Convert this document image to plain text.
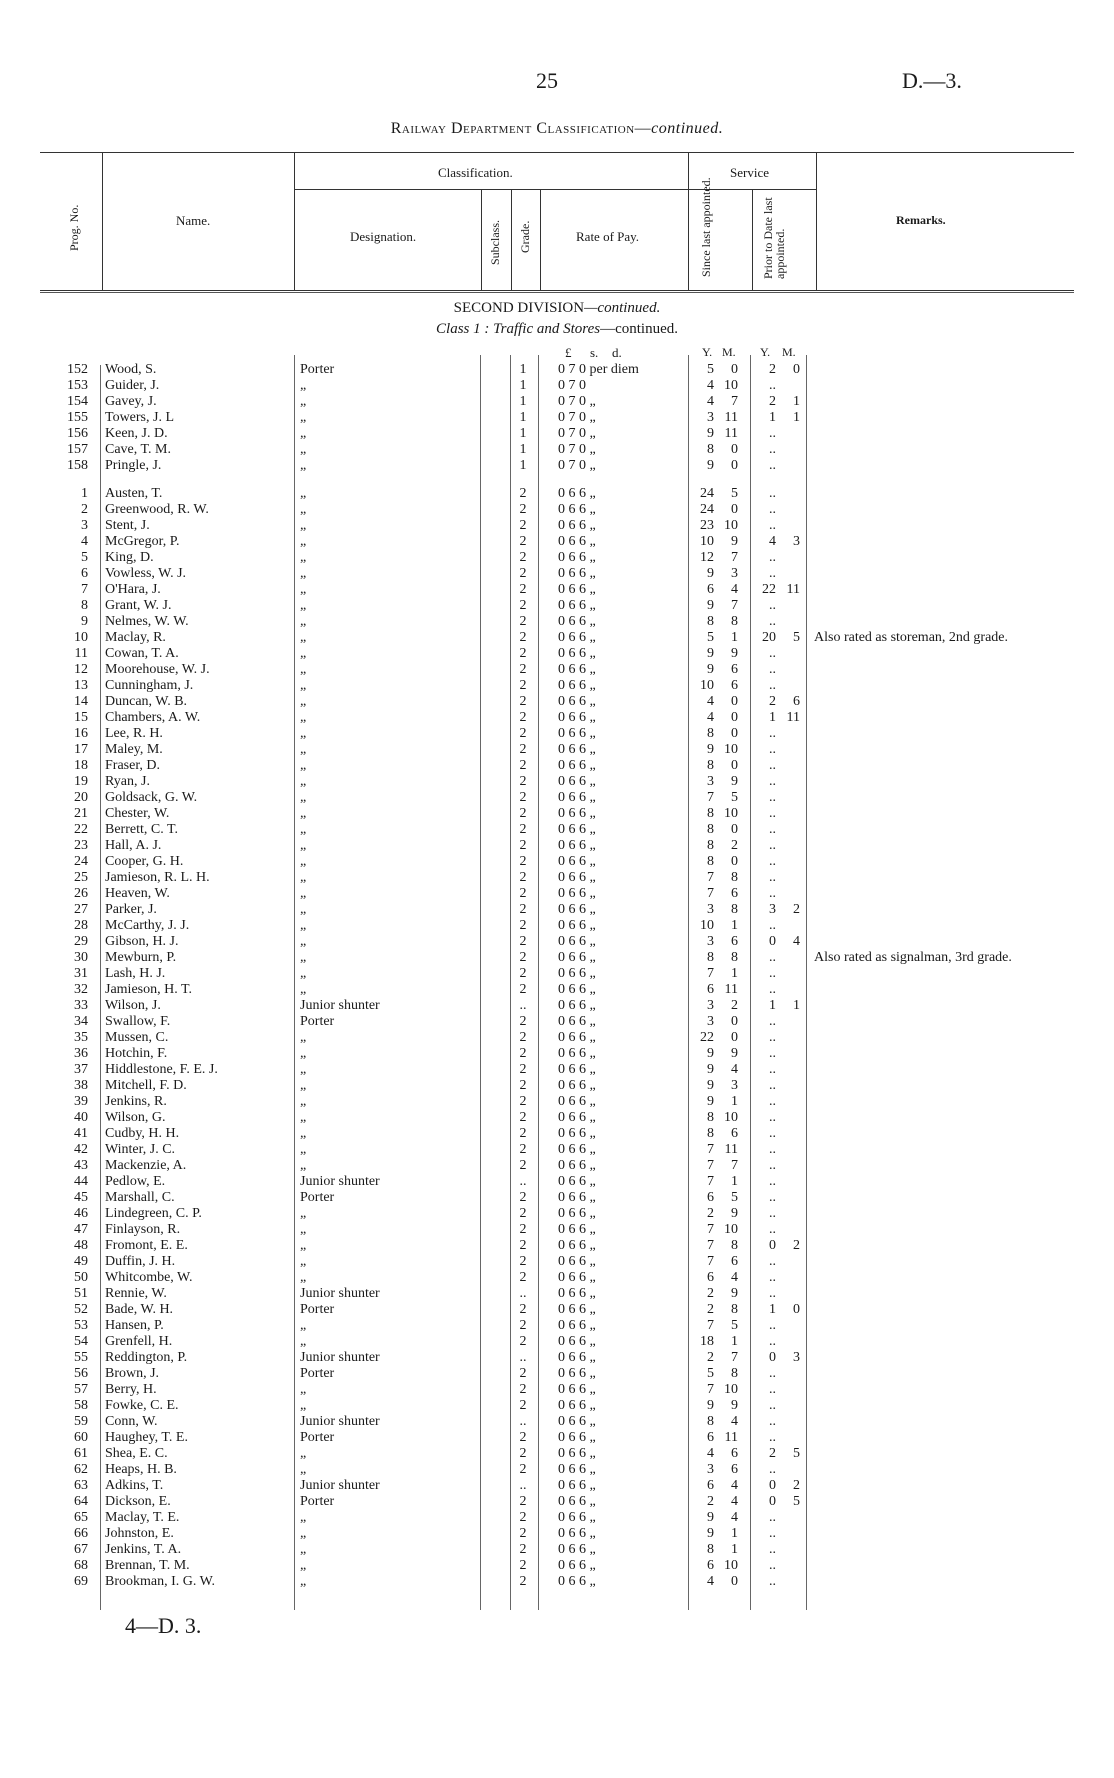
25	D.—3.
Railway Department Classification—continued.
Prog. No.	Name.
Classification.
Designation.	Subclass. Grade.	Rate of Pay.
Service
Since last appointed.	Prior to Date last appointed.
Remarks.
SECOND DIVISION—continued.
Class 1 : Traffic and Stores—continued.
£ s. d.	Y. M. Y. M.
152 Wood, S.	Porter	1	0 7 0 per diem	5	0	2	0
153 Guider, J.	„	1	0 7 0	4 10	..
154 Gavey, J.	„	1	0 7 0 „	4	7	2	1
155 Towers, J. L	„	1	0 7 0 „	3 11	1	1
156 Keen, J. D.	„	1	0 7 0 „	9 11	..
157 Cave, T. M.	„	1	0 7 0 „	8	0	..
158 Pringle, J.	„	1	0 7 0 „	9	0	..
1 Austen, T.	„	2	0 6 6 „	24	5	..
2 Greenwood, R. W.	„	2	0 6 6 „	24	0	..
3 Stent, J.	„	2	0 6 6 „	23 10	..
4 McGregor, P.	„	2	0 6 6 „	10	9	4	3
5 King, D.	„	2	0 6 6 „	12	7	..
6 Vowless, W. J.	„	2	0 6 6 „	9	3	..
7 O'Hara, J.	„	2	0 6 6 „	6	4	22 11
8 Grant, W. J.	„	2	0 6 6 „	9	7	..
9 Nelmes, W. W.	„	2	0 6 6 „	8	8	..
10 Maclay, R.	„	2	0 6 6 „	5	1	20	5 Also rated as storeman, 2nd grade.
11 Cowan, T. A.	„	2	0 6 6 „	9	9	..
12 Moorehouse, W. J.	„	2	0 6 6 „	9	6	..
13 Cunningham, J.	„	2	0 6 6 „	10	6	..
14 Duncan, W. B.	„	2	0 6 6 „	4	0	2	6
15 Chambers, A. W.	„	2	0 6 6 „	4	0	1 11
16 Lee, R. H.	„	2	0 6 6 „	8	0	..
17 Maley, M.	„	2	0 6 6 „	9 10	..
18 Fraser, D.	„	2	0 6 6 „	8	0	..
19 Ryan, J.	„	2	0 6 6 „	3	9	..
20 Goldsack, G. W.	„	2	0 6 6 „	7	5	..
21 Chester, W.	„	2	0 6 6 „	8 10	..
22 Berrett, C. T.	„	2	0 6 6 „	8	0	..
23 Hall, A. J.	„	2	0 6 6 „	8	2	..
24 Cooper, G. H.	„	2	0 6 6 „	8	0	..
25 Jamieson, R. L. H.	„	2	0 6 6 „	7	8	..
26 Heaven, W.	„	2	0 6 6 „	7	6	..
27 Parker, J.	„	2	0 6 6 „	3	8	3	2
28 McCarthy, J. J.	„	2	0 6 6 „	10	1	..
29 Gibson, H. J.	„	2	0 6 6 „	3	6	0	4
30 Mewburn, P.	„	2	0 6 6 „	8	8	..	Also rated as signalman, 3rd grade.
31 Lash, H. J.	„	2	0 6 6 „	7	1	..
32 Jamieson, H. T.	„	2	0 6 6 „	6 11	..
33 Wilson, J.	Junior shunter	..	0 6 6 „	3	2	1	1
34 Swallow, F.	Porter	2	0 6 6 „	3	0	..
35 Mussen, C.	„	2	0 6 6 „	22	0	..
36 Hotchin, F.	„	2	0 6 6 „	9	9	..
37 Hiddlestone, F. E. J.	„	2	0 6 6 „	9	4	..
38 Mitchell, F. D.	„	2	0 6 6 „	9	3	..
39 Jenkins, R.	„	2	0 6 6 „	9	1	..
40 Wilson, G.	„	2	0 6 6 „	8 10	..
41 Cudby, H. H.	„	2	0 6 6 „	8	6	..
42 Winter, J. C.	„	2	0 6 6 „	7 11	..
43 Mackenzie, A.	„	2	0 6 6 „	7	7	..
44 Pedlow, E.	Junior shunter	..	0 6 6 „	7	1	..
45 Marshall, C.	Porter	2	0 6 6 „	6	5	..
46 Lindegreen, C. P.	„	2	0 6 6 „	2	9	..
47 Finlayson, R.	„	2	0 6 6 „	7 10	..
48 Fromont, E. E.	„	2	0 6 6 „	7	8	0	2
49 Duffin, J. H.	„	2	0 6 6 „	7	6	..
50 Whitcombe, W.	„	2	0 6 6 „	6	4	..
51 Rennie, W.	Junior shunter	..	0 6 6 „	2	9	..
52 Bade, W. H.	Porter	2	0 6 6 „	2	8	1	0
53 Hansen, P.	„	2	0 6 6 „	7	5	..
54 Grenfell, H.	„	2	0 6 6 „	18	1	..
55 Reddington, P.	Junior shunter	..	0 6 6 „	2	7	0	3
56 Brown, J.	Porter	2	0 6 6 „	5	8	..
57 Berry, H.	„	2	0 6 6 „	7 10	..
58 Fowke, C. E.	„	2	0 6 6 „	9	9	..
59 Conn, W.	Junior shunter	..	0 6 6 „	8	4	..
60 Haughey, T. E.	Porter	2	0 6 6 „	6 11	..
61 Shea, E. C.	„	2	0 6 6 „	4	6	2	5
62 Heaps, H. B.	„	2	0 6 6 „	3	6	..
63 Adkins, T.	Junior shunter	..	0 6 6 „	6	4	0	2
64 Dickson, E.	Porter	2	0 6 6 „	2	4	0	5
65 Maclay, T. E.	„	2	0 6 6 „	9	4	..
66 Johnston, E.	„	2	0 6 6 „	9	1	..
67 Jenkins, T. A.	„	2	0 6 6 „	8	1	..
68 Brennan, T. M.	„	2	0 6 6 „	6 10	..
69 Brookman, I. G. W.	„	2	0 6 6 „	4	0	..
4—D. 3.
